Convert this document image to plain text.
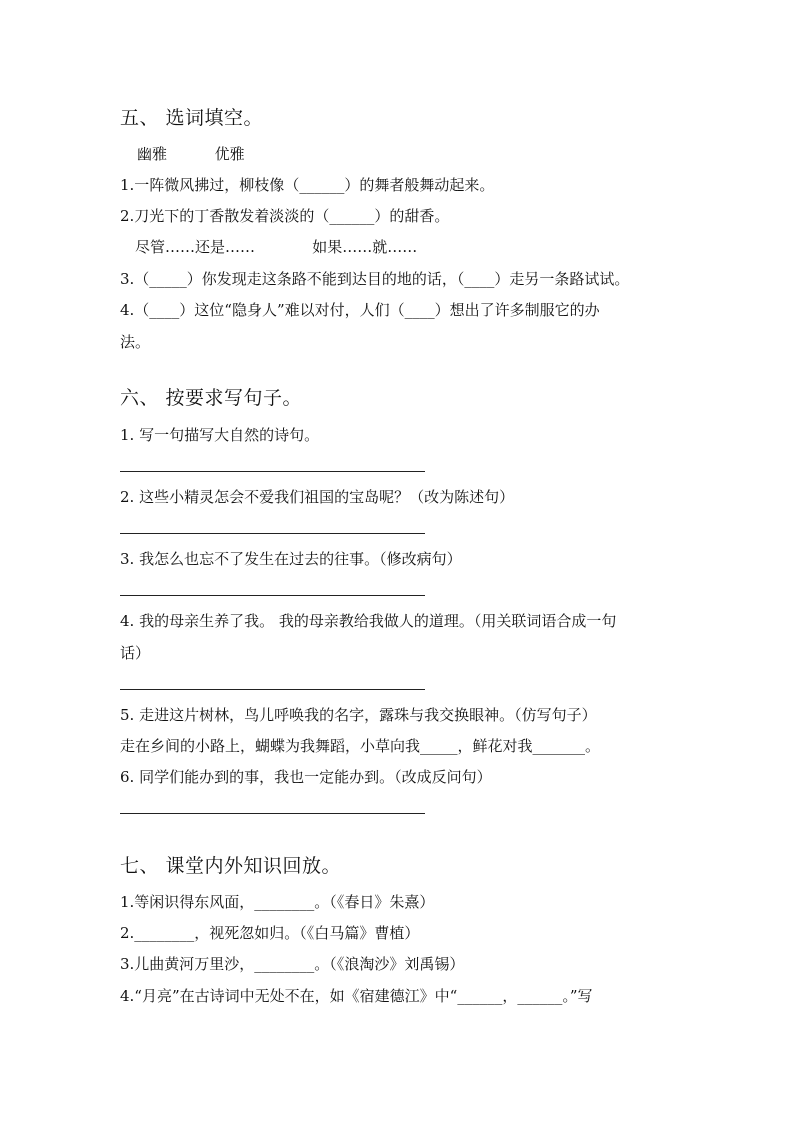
五、 选词填空。
幽雅          优雅
1.一阵微风拂过，柳枝像（______）的舞者般舞动起来。
2.刀光下的丁香散发着淡淡的（______）的甜香。
尽管……还是……            如果……就……
3.（_____）你发现走这条路不能到达目的地的话，（____）走另一条路试试。
4.（____）这位“隐身人”难以对付，人们（____）想出了许多制服它的办
法。
六、 按要求写句子。
1. 写一句描写大自然的诗句。
2. 这些小精灵怎会不爱我们祖国的宝岛呢？（改为陈述句）
3. 我怎么也忘不了发生在过去的往事。（修改病句）
4. 我的母亲生养了我。 我的母亲教给我做人的道理。（用关联词语合成一句
话）
5. 走进这片树林，鸟儿呼唤我的名字，露珠与我交换眼神。（仿写句子）
走在乡间的小路上，蝴蝶为我舞蹈，小草向我_____，鲜花对我_______。
6. 同学们能办到的事，我也一定能办到。（改成反问句）
七、 课堂内外知识回放。
1.等闲识得东风面，________。（《春日》朱熹）
2.________，视死忽如归。（《白马篇》曹植）
3.儿曲黄河万里沙，________。（《浪淘沙》刘禹锡）
4.“月亮”在古诗词中无处不在，如《宿建德江》中“______，______。”写
